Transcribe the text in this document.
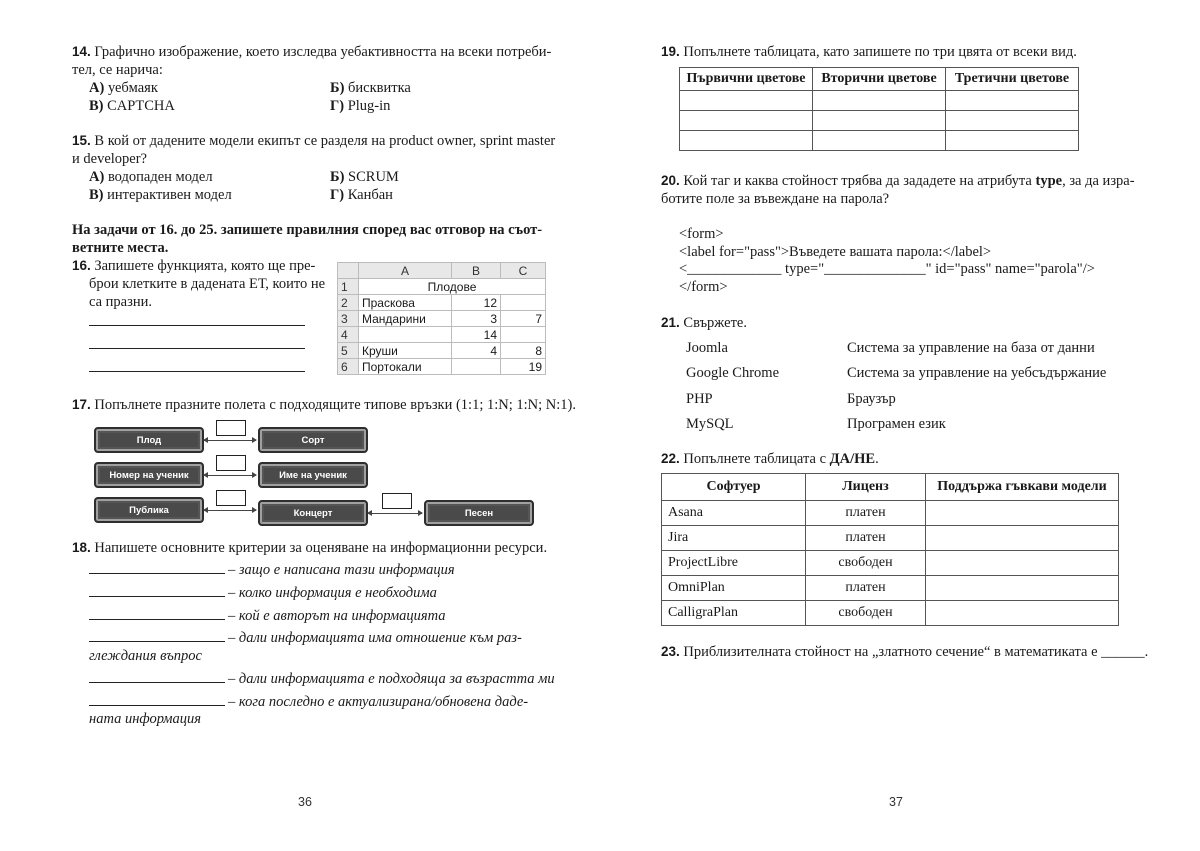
14. Графично изображение, което изследва уебактивността на всеки потреби-
тел, се нарича:
А) уебмаяк	Б) бисквитка
В) CAPTCHA	Г) Plug-in
15. В кой от дадените модели екипът се разделя на product owner, sprint master
и developer?
А) водопаден модел	Б) SCRUM
В) интерактивен модел	Г) Канбан
На задачи от 16. до 25. запишете правилния според вас отговор на съот-
ветните места.
16. Запишете функцията, която ще пре-
брои клетките в дадената ЕТ, които не
са празни.
	A	B	C
1	Плодове		
2	Праскова	12	
3	Мандарини	3	7
4		14	
5	Круши	4	8
6	Портокали		19
17. Попълнете празните полета с подходящите типове връзки (1:1; 1:N; 1:N; N:1).
Плод	Сорт
Номер на ученик	Име на ученик
Публика	Концерт	Песен
18. Напишете основните критерии за оценяване на информационни ресурси.
– защо е написана тази информация
– колко информация е необходима
– кой е авторът на информацията
– дали информацията има отношение към раз-
глеждания въпрос
– дали информацията е подходяща за възрастта ми
– кога последно е актуализирана/обновена даде-
ната информация
36
19. Попълнете таблицата, като запишете по три цвята от всеки вид.
Първични цветове	Вторични цветове	Третични цветове

20. Кой таг и каква стойност трябва да зададете на атрибута type, за да изра-
ботите поле за въвеждане на парола?
<form>
<label for="pass">Въведете вашата парола:</label>
<_____________ type="______________" id="pass" name="parola"/>
</form>
21. Свържете.
Joomla	Система за управление на база от данни
Google Chrome	Система за управление на уебсъдържание
PHP	Браузър
MySQL	Програмен език
22. Попълнете таблицата с ДА/НЕ.
Софтуер	Лиценз	Поддържа гъвкави модели
Asana	платен	
Jira	платен	
ProjectLibre	свободен	
OmniPlan	платен	
CalligraPlan	свободен	
23. Приблизителната стойност на „златното сечение“ в математиката е ______.
37
